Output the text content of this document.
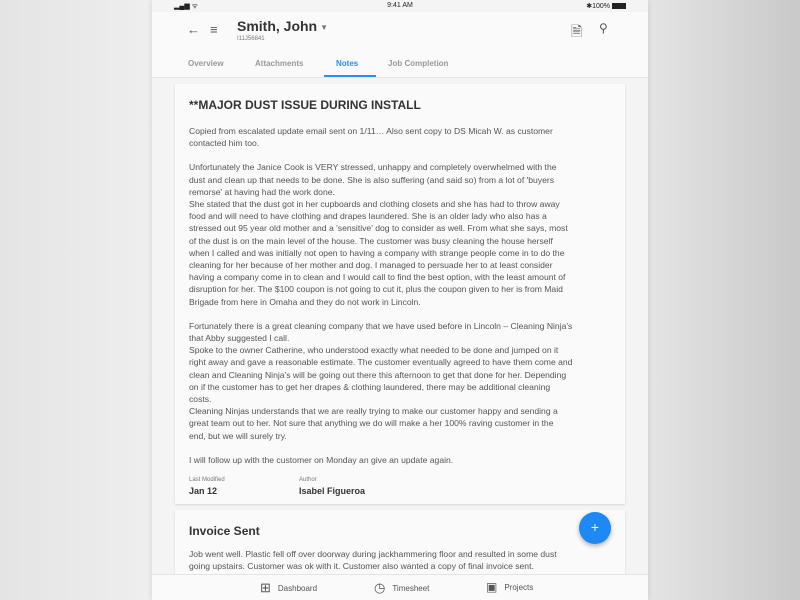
▂▄▆ ᯤ	9:41 AM	✱100%
← ≡ Smith, John ▼
I11J56841	🗎 ⚲
Overview	Attachments	Notes	Job Completion
**MAJOR DUST ISSUE DURING INSTALL
Copied from escalated update email sent on 1/11… Also sent copy to DS Micah W. as customer
contacted him too.
Unfortunately the Janice Cook is VERY stressed, unhappy and completely overwhelmed with the
dust and clean up that needs to be done. She is also suffering (and said so) from a lot of 'buyers
remorse' at having had the work done.
She stated that the dust got in her cupboards and clothing closets and she has had to throw away
food and will need to have clothing and drapes laundered. She is an older lady who also has a
stressed out 95 year old mother and a 'sensitive' dog to consider as well. From what she says, most
of the dust is on the main level of the house. The customer was busy cleaning the house herself
when I called and was initially not open to having a company with strange people come in to do the
cleaning for her because of her mother and dog. I managed to persuade her to at least consider
having a company come in to clean and I would call to find the best option, with the least amount of
disruption for her. The $100 coupon is not going to cut it, plus the coupon given to her is from Maid
Brigade from here in Omaha and they do not work in Lincoln.
Fortunately there is a great cleaning company that we have used before in Lincoln – Cleaning Ninja's
that Abby suggested I call.
Spoke to the owner Catherine, who understood exactly what needed to be done and jumped on it
right away and gave a reasonable estimate. The customer eventually agreed to have them come and
clean and Cleaning Ninja's will be going out there this afternoon to get that done for her. Depending
on if the customer has to get her drapes & clothing laundered, there may be additional cleaning
costs.
Cleaning Ninjas understands that we are really trying to make our customer happy and sending a
great team out to her. Not sure that anything we do will make a her 100% raving customer in the
end, but we will surely try.
I will follow up with the customer on Monday an give an update again.
Last Modified
Jan 12
Author
Isabel Figueroa
Invoice Sent
Job went well. Plastic fell off over doorway during jackhammering floor and resulted in some dust
going upstairs. Customer was ok with it. Customer also wanted a copy of final invoice sent.
+
⊞ Dashboard	◷ Timesheet	▣ Projects
